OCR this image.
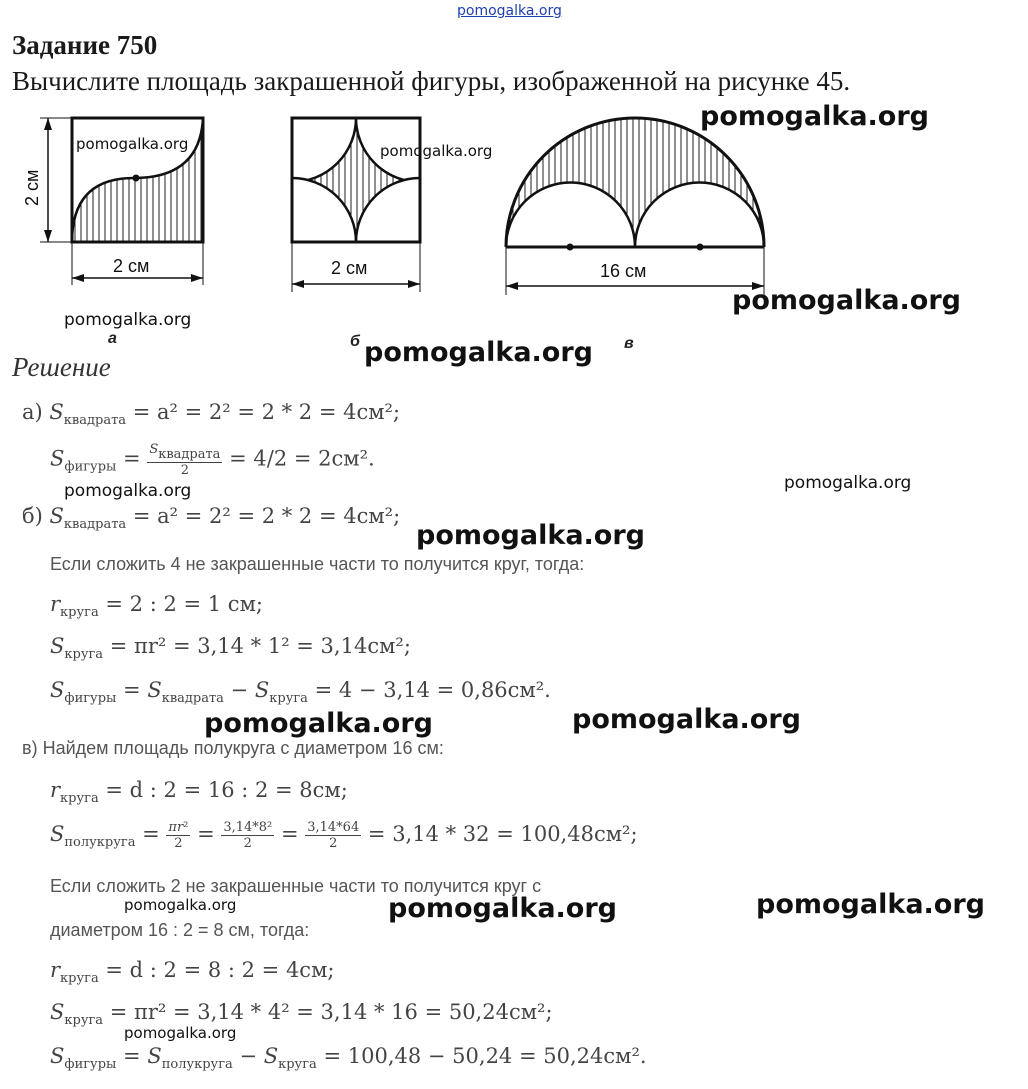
pomogalka.org
Задание 750
Вычислите площадь закрашенной фигуры, изображенной на рисунке 45.
2 см
2 см	2 см	16 см
а	б	в
Решение
а) $S_{квадрата} = a^2 = 2^2 = 2 * 2 = 4см^2$;
$S_{фигуры} = \frac{S_{квадрата}}{2} = 4/2 = 2см^2$.
б) $S_{квадрата} = a^2 = 2^2 = 2 * 2 = 4см^2$;
Если сложить 4 не закрашенные части то получится круг, тогда:
$r_{круга} = 2$ : 2 = 1 см;
$S_{круга} = \pi r^2 = 3,14 * 1^2 = 3,14см^2$;
$S_{фигуры} = S_{квадрата} - S_{круга} = 4 - 3,14 = 0,86см^2$.
в) Найдем площадь полукруга с диаметром 16 см:
$r_{круга} = d$ : 2 = 16 : 2 = 8см;
$S_{полукруга} = \frac{\text{πr²}}{2} = \frac{\text{3,14*8²}}{2} = \frac{3,14*64}{2} = 3,14 * 32 = 100,48см^2$;
Если сложить 2 не закрашенные части то получится круг с
диаметром 16 : 2 = 8 см, тогда:
$r_{круга} = d$ : 2 = 8 : 2 = 4см;
$S_{круга} = \pi r^2 = 3,14 * 4^2 = 3,14 * 16 = 50,24см^2$;
$S_{фигуры} = S_{полукруга} - S_{круга} = 100,48 - 50,24 = 50,24см^2$.
pomogalka.org	pomogalka.org
pomogalka.org
pomogalka.org
pomogalka.org
pomogalka.org
pomogalka.org	pomogalka.org
pomogalka.org
pomogalka.org	pomogalka.org
pomogalka.org	pomogalka.org	pomogalka.org
pomogalka.org
